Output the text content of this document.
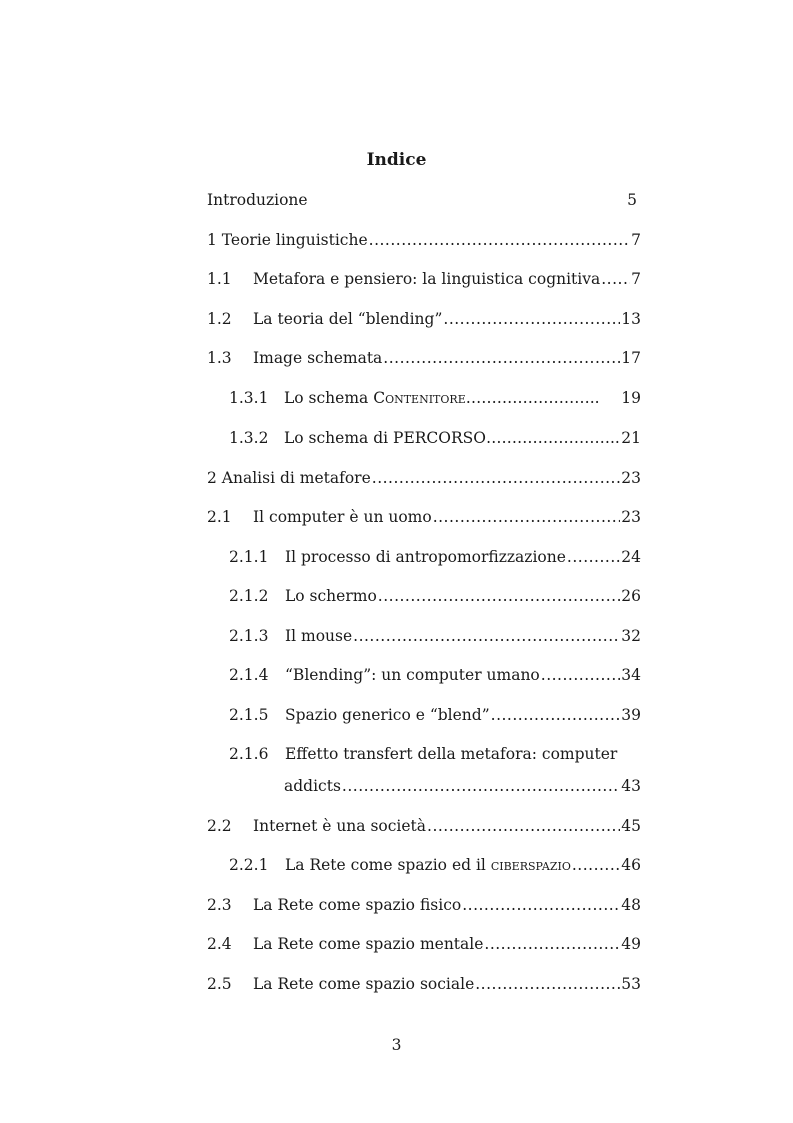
Indice
Introduzione	5
1 Teorie linguistiche .....	7
1.1	Metafora e pensiero: la linguistica cognitiva ..... 7
1.2	La teoria del “blending” .....	13
1.3	Image schemata .....	17
1.3.1	Lo schema Contenitore…………………….. 19
1.3.2	Lo schema di PERCORSO…………………….. 21
2 Analisi di metafore .....	23
2.1	Il computer è un uomo .....	23
2.1.1	Il processo di antropomorfizzazione .....	24
2.1.2	Lo schermo .....	26
2.1.3	Il mouse .....	32
2.1.4	“Blending”: un computer umano .....	34
2.1.5	Spazio generico e “blend” .....	39
2.1.6	Effetto transfert della metafora: computer
addicts .....	43
2.2	Internet è una società .....	45
2.2.1	La Rete come spazio ed il ciberspazio .....	46
2.3	La Rete come spazio fisico .....	48
2.4	La Rete come spazio mentale .....	49
2.5	La Rete come spazio sociale .....	53
3
